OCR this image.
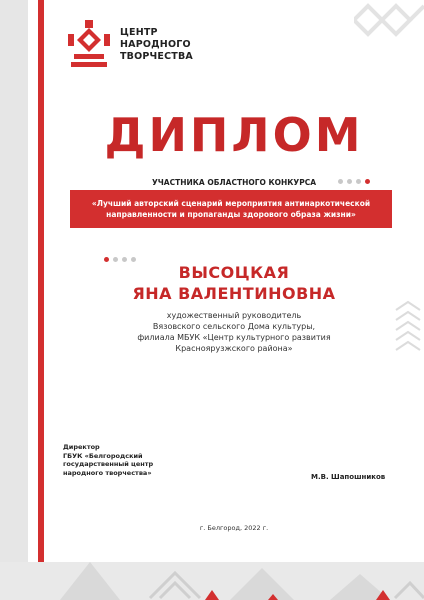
ЦЕНТР
НАРОДНОГО
ТВОРЧЕСТВА
ДИПЛОМ
УЧАСТНИКА ОБЛАСТНОГО КОНКУРСА
«Лучший авторский сценарий мероприятия антинаркотической
направленности и пропаганды здорового образа жизни»
ВЫСОЦКАЯ
ЯНА ВАЛЕНТИНОВНА
художественный руководитель
Вязовского сельского Дома культуры,
филиала МБУК «Центр культурного развития
Красноярузжского района»
Директор
ГБУК «Белгородский
государственный центр
народного творчества»
М.В. Шапошников
г. Белгород, 2022 г.
